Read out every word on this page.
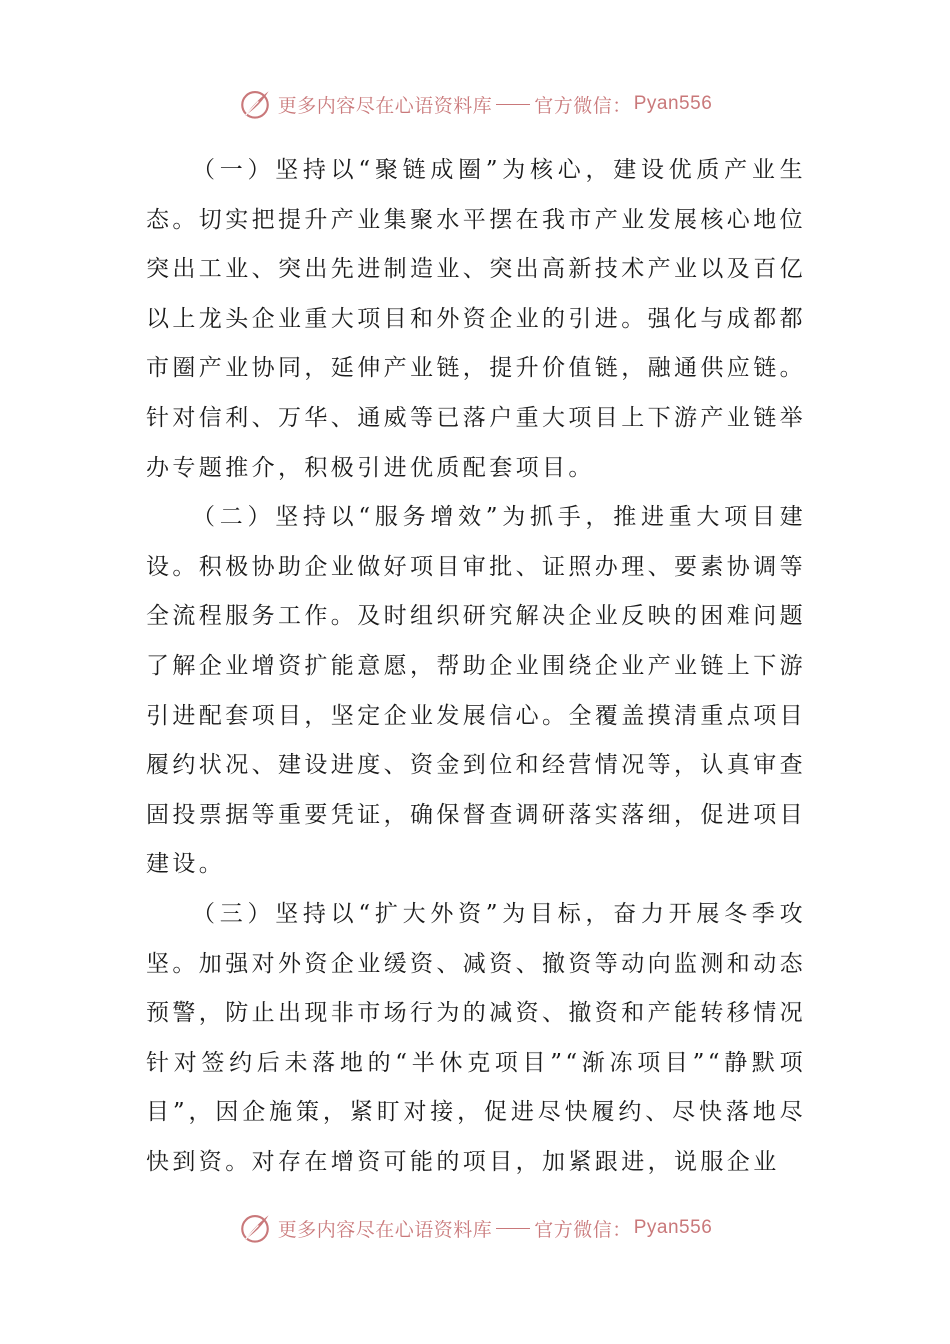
更多内容尽在心语资料库 官方微信： Pyan556

（一）坚持以“聚链成圈”为核心，建设优质产业生态。切实把提升产业集聚水平摆在我市产业发展核心地位突出工业、突出先进制造业、突出高新技术产业以及百亿以上龙头企业重大项目和外资企业的引进。强化与成都都市圈产业协同，延伸产业链，提升价值链，融通供应链。针对信利、万华、通威等已落户重大项目上下游产业链举办专题推介，积极引进优质配套项目。

（二）坚持以“服务增效”为抓手，推进重大项目建设。积极协助企业做好项目审批、证照办理、要素协调等全流程服务工作。及时组织研究解决企业反映的困难问题了解企业增资扩能意愿，帮助企业围绕企业产业链上下游引进配套项目，坚定企业发展信心。全覆盖摸清重点项目履约状况、建设进度、资金到位和经营情况等，认真审查固投票据等重要凭证，确保督查调研落实落细，促进项目建设。

（三）坚持以“扩大外资”为目标，奋力开展冬季攻坚。加强对外资企业缓资、减资、撤资等动向监测和动态预警，防止出现非市场行为的减资、撤资和产能转移情况针对签约后未落地的“半休克项目”“渐冻项目”“静默项目”，因企施策，紧盯对接，促进尽快履约、尽快落地尽快到资。对存在增资可能的项目，加紧跟进，说服企业

更多内容尽在心语资料库 官方微信： Pyan556
